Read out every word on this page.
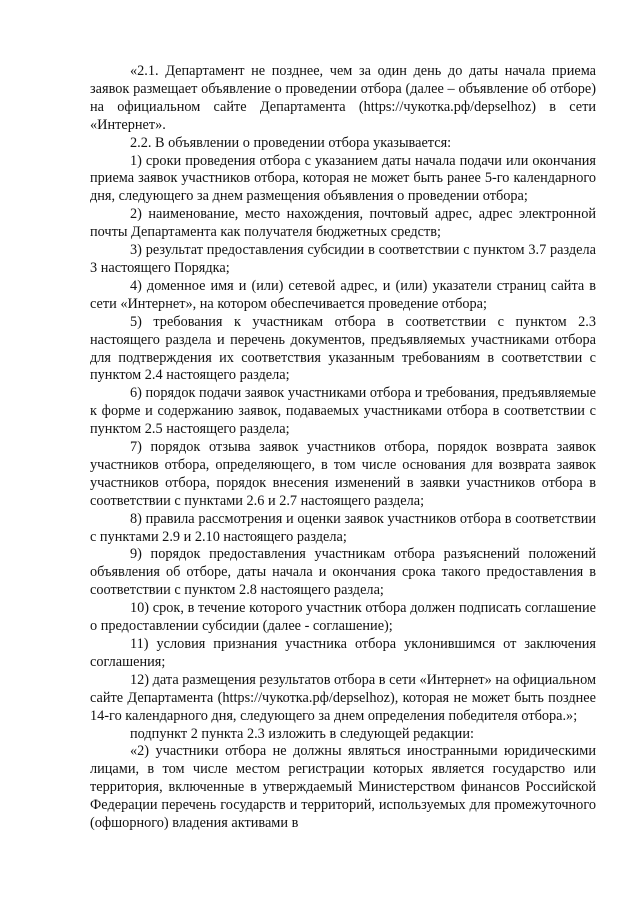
«2.1. Департамент не позднее, чем за один день до даты начала приема заявок размещает объявление о проведении отбора (далее – объявление об отборе) на официальном сайте Департамента (https://чукотка.рф/depselhoz) в сети «Интернет».

2.2. В объявлении о проведении отбора указывается:

1) сроки проведения отбора с указанием даты начала подачи или окончания приема заявок участников отбора, которая не может быть ранее 5-го календарного дня, следующего за днем размещения объявления о проведении отбора;

2) наименование, место нахождения, почтовый адрес, адрес электронной почты Департамента как получателя бюджетных средств;

3) результат предоставления субсидии в соответствии с пунктом 3.7 раздела 3 настоящего Порядка;

4) доменное имя и (или) сетевой адрес, и (или) указатели страниц сайта в сети «Интернет», на котором обеспечивается проведение отбора;

5) требования к участникам отбора в соответствии с пунктом 2.3 настоящего раздела и перечень документов, предъявляемых участниками отбора для подтверждения их соответствия указанным требованиям в соответствии с пунктом 2.4 настоящего раздела;

6) порядок подачи заявок участниками отбора и требования, предъявляемые к форме и содержанию заявок, подаваемых участниками отбора в соответствии с пунктом 2.5 настоящего раздела;

7) порядок отзыва заявок участников отбора, порядок возврата заявок участников отбора, определяющего, в том числе основания для возврата заявок участников отбора, порядок внесения изменений в заявки участников отбора в соответствии с пунктами 2.6 и 2.7 настоящего раздела;

8) правила рассмотрения и оценки заявок участников отбора в соответствии с пунктами 2.9 и 2.10 настоящего раздела;

9) порядок предоставления участникам отбора разъяснений положений объявления об отборе, даты начала и окончания срока такого предоставления в соответствии с пунктом 2.8 настоящего раздела;

10) срок, в течение которого участник отбора должен подписать соглашение о предоставлении субсидии (далее - соглашение);

11) условия признания участника отбора уклонившимся от заключения соглашения;

12) дата размещения результатов отбора в сети «Интернет» на официальном сайте Департамента (https://чукотка.рф/depselhoz), которая не может быть позднее 14-го календарного дня, следующего за днем определения победителя отбора.»;

подпункт 2 пункта 2.3 изложить в следующей редакции:

«2) участники отбора не должны являться иностранными юридическими лицами, в том числе местом регистрации которых является государство или территория, включенные в утверждаемый Министерством финансов Российской Федерации перечень государств и территорий, используемых для промежуточного (офшорного) владения активами в
